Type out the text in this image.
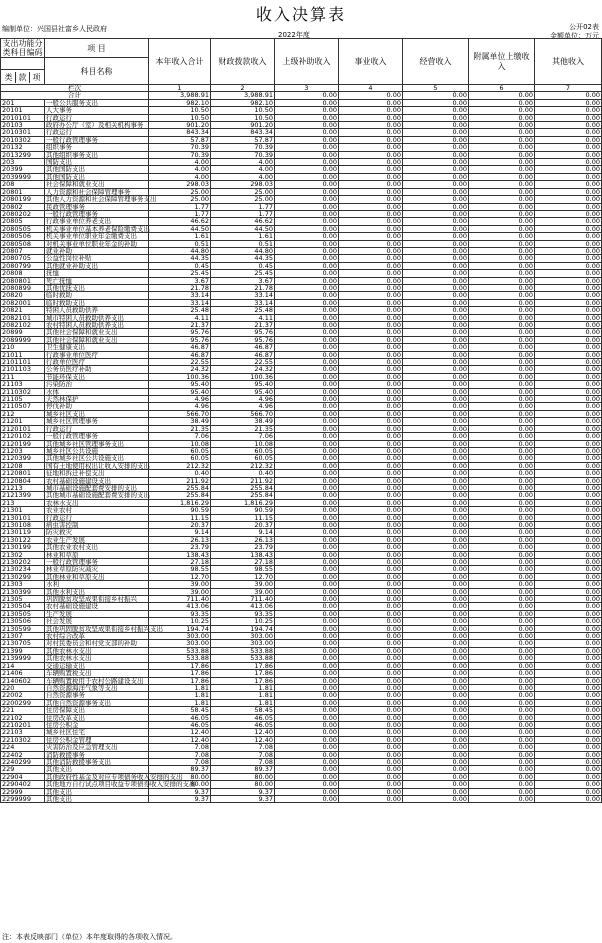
收入决算表
编制单位：兴国县社富乡人民政府
2022年度
公开02表
金额单位：万元
支出功能分类科目编码	项 目	本年收入合计	财政拨款收入	上级补助收入	事业收入	经营收入	附属单位上缴收入	其他收入
	科目名称							
类 款 项								
栏次		1	2	3	4	5	6	7
合计		3,988.91	3,988.91	0.00	0.00	0.00	0.00	0.00
201	一般公共服务支出	982.10	982.10	0.00	0.00	0.00	0.00	0.00
20101	人大事务	10.50	10.50	0.00	0.00	0.00	0.00	0.00
2010101	行政运行	10.50	10.50	0.00	0.00	0.00	0.00	0.00
20103	政府办公厅（室）及相关机构事务	901.20	901.20	0.00	0.00	0.00	0.00	0.00
2010301	行政运行	843.34	843.34	0.00	0.00	0.00	0.00	0.00
2010302	一般行政管理事务	57.87	57.87	0.00	0.00	0.00	0.00	0.00
20132	组织事务	70.39	70.39	0.00	0.00	0.00	0.00	0.00
2013299	其他组织事务支出	70.39	70.39	0.00	0.00	0.00	0.00	0.00
203	国防支出	4.00	4.00	0.00	0.00	0.00	0.00	0.00
20399	其他国防支出	4.00	4.00	0.00	0.00	0.00	0.00	0.00
2039999	其他国防支出	4.00	4.00	0.00	0.00	0.00	0.00	0.00
208	社会保障和就业支出	298.03	298.03	0.00	0.00	0.00	0.00	0.00
20801	人力资源和社会保障管理事务	25.00	25.00	0.00	0.00	0.00	0.00	0.00
2080199	其他人力资源和社会保障管理事务支出	25.00	25.00	0.00	0.00	0.00	0.00	0.00
20802	民政管理事务	1.77	1.77	0.00	0.00	0.00	0.00	0.00
2080202	一般行政管理事务	1.77	1.77	0.00	0.00	0.00	0.00	0.00
20805	行政事业单位养老支出	46.62	46.62	0.00	0.00	0.00	0.00	0.00
2080505	机关事业单位基本养老保险缴费支出	44.50	44.50	0.00	0.00	0.00	0.00	0.00
2080506	机关事业单位职业年金缴费支出	1.61	1.61	0.00	0.00	0.00	0.00	0.00
2080508	对机关事业单位职业年金的补助	0.51	0.51	0.00	0.00	0.00	0.00	0.00
20807	就业补助	44.80	44.80	0.00	0.00	0.00	0.00	0.00
2080705	公益性岗位补贴	44.35	44.35	0.00	0.00	0.00	0.00	0.00
2080799	其他就业补助支出	0.45	0.45	0.00	0.00	0.00	0.00	0.00
20808	抚恤	25.45	25.45	0.00	0.00	0.00	0.00	0.00
2080801	死亡抚恤	3.67	3.67	0.00	0.00	0.00	0.00	0.00
2080899	其他优抚支出	21.78	21.78	0.00	0.00	0.00	0.00	0.00
20820	临时救助	33.14	33.14	0.00	0.00	0.00	0.00	0.00
2082001	临时救助支出	33.14	33.14	0.00	0.00	0.00	0.00	0.00
20821	特困人员救助供养	25.48	25.48	0.00	0.00	0.00	0.00	0.00
2082101	城市特困人员救助供养支出	4.11	4.11	0.00	0.00	0.00	0.00	0.00
2082102	农村特困人员救助供养支出	21.37	21.37	0.00	0.00	0.00	0.00	0.00
20899	其他社会保障和就业支出	95.76	95.76	0.00	0.00	0.00	0.00	0.00
2089999	其他社会保障和就业支出	95.76	95.76	0.00	0.00	0.00	0.00	0.00
210	卫生健康支出	46.87	46.87	0.00	0.00	0.00	0.00	0.00
21011	行政事业单位医疗	46.87	46.87	0.00	0.00	0.00	0.00	0.00
2101101	行政单位医疗	22.55	22.55	0.00	0.00	0.00	0.00	0.00
2101103	公务员医疗补助	24.32	24.32	0.00	0.00	0.00	0.00	0.00
211	节能环保支出	100.36	100.36	0.00	0.00	0.00	0.00	0.00
21103	污染防治	95.40	95.40	0.00	0.00	0.00	0.00	0.00
2110302	水体	95.40	95.40	0.00	0.00	0.00	0.00	0.00
21105	天然林保护	4.96	4.96	0.00	0.00	0.00	0.00	0.00
2110507	停伐补助	4.96	4.96	0.00	0.00	0.00	0.00	0.00
212	城乡社区支出	566.70	566.70	0.00	0.00	0.00	0.00	0.00
21201	城乡社区管理事务	38.49	38.49	0.00	0.00	0.00	0.00	0.00
2120101	行政运行	21.35	21.35	0.00	0.00	0.00	0.00	0.00
2120102	一般行政管理事务	7.06	7.06	0.00	0.00	0.00	0.00	0.00
2120199	其他城乡社区管理事务支出	10.08	10.08	0.00	0.00	0.00	0.00	0.00
21203	城乡社区公共设施	60.05	60.05	0.00	0.00	0.00	0.00	0.00
2120399	其他城乡社区公共设施支出	60.05	60.05	0.00	0.00	0.00	0.00	0.00
21208	国有土地使用权出让收入安排的支出	212.32	212.32	0.00	0.00	0.00	0.00	0.00
2120801	征地和拆迁补偿支出	0.40	0.40	0.00	0.00	0.00	0.00	0.00
2120804	农村基础设施建设支出	211.92	211.92	0.00	0.00	0.00	0.00	0.00
21213	城市基础设施配套费安排的支出	255.84	255.84	0.00	0.00	0.00	0.00	0.00
2121399	其他城市基础设施配套费安排的支出	255.84	255.84	0.00	0.00	0.00	0.00	0.00
213	农林水支出	1,816.29	1,816.29	0.00	0.00	0.00	0.00	0.00
21301	农业农村	90.59	90.59	0.00	0.00	0.00	0.00	0.00
2130101	行政运行	11.15	11.15	0.00	0.00	0.00	0.00	0.00
2130108	病虫害控制	20.37	20.37	0.00	0.00	0.00	0.00	0.00
2130119	防灾救灾	9.14	9.14	0.00	0.00	0.00	0.00	0.00
2130122	农业生产发展	26.13	26.13	0.00	0.00	0.00	0.00	0.00
2130199	其他农业农村支出	23.79	23.79	0.00	0.00	0.00	0.00	0.00
21302	林业和草原	138.43	138.43	0.00	0.00	0.00	0.00	0.00
2130202	一般行政管理事务	27.18	27.18	0.00	0.00	0.00	0.00	0.00
2130234	林业草原防灾减灾	98.55	98.55	0.00	0.00	0.00	0.00	0.00
2130299	其他林业和草原支出	12.70	12.70	0.00	0.00	0.00	0.00	0.00
21303	水利	39.00	39.00	0.00	0.00	0.00	0.00	0.00
2130399	其他水利支出	39.00	39.00	0.00	0.00	0.00	0.00	0.00
21305	巩固脱贫攻坚成果衔接乡村振兴	711.40	711.40	0.00	0.00	0.00	0.00	0.00
2130504	农村基础设施建设	413.06	413.06	0.00	0.00	0.00	0.00	0.00
2130505	生产发展	93.35	93.35	0.00	0.00	0.00	0.00	0.00
2130506	社会发展	10.25	10.25	0.00	0.00	0.00	0.00	0.00
2130599	其他巩固脱贫攻坚成果衔接乡村振兴支出	194.74	194.74	0.00	0.00	0.00	0.00	0.00
21307	农村综合改革	303.00	303.00	0.00	0.00	0.00	0.00	0.00
2130705	对村民委员会和村党支部的补助	303.00	303.00	0.00	0.00	0.00	0.00	0.00
21399	其他农林水支出	533.88	533.88	0.00	0.00	0.00	0.00	0.00
2139999	其他农林水支出	533.88	533.88	0.00	0.00	0.00	0.00	0.00
214	交通运输支出	17.86	17.86	0.00	0.00	0.00	0.00	0.00
21406	车辆购置税支出	17.86	17.86	0.00	0.00	0.00	0.00	0.00
2140602	车辆购置税用于农村公路建设支出	17.86	17.86	0.00	0.00	0.00	0.00	0.00
220	自然资源海洋气象等支出	1.81	1.81	0.00	0.00	0.00	0.00	0.00
22002	自然资源事务	1.81	1.81	0.00	0.00	0.00	0.00	0.00
2200299	其他自然资源事务支出	1.81	1.81	0.00	0.00	0.00	0.00	0.00
221	住房保障支出	58.45	58.45	0.00	0.00	0.00	0.00	0.00
22102	住房改革支出	46.05	46.05	0.00	0.00	0.00	0.00	0.00
2210201	住房公积金	46.05	46.05	0.00	0.00	0.00	0.00	0.00
22103	城乡社区住宅	12.40	12.40	0.00	0.00	0.00	0.00	0.00
2210302	住房公积金管理	12.40	12.40	0.00	0.00	0.00	0.00	0.00
224	灾害防治及应急管理支出	7.08	7.08	0.00	0.00	0.00	0.00	0.00
22402	消防救援事务	7.08	7.08	0.00	0.00	0.00	0.00	0.00
2240299	其他消防救援事务支出	7.08	7.08	0.00	0.00	0.00	0.00	0.00
229	其他支出	89.37	89.37	0.00	0.00	0.00	0.00	0.00
22904	其他政府性基金及对应专项债务收入安排的支出	80.00	80.00	0.00	0.00	0.00	0.00	0.00
2290402	其他地方自行试点项目收益专项债券收入安排的支出	80.00	80.00	0.00	0.00	0.00	0.00	0.00
22999	其他支出	9.37	9.37	0.00	0.00	0.00	0.00	0.00
2299999	其他支出	9.37	9.37	0.00	0.00	0.00	0.00	0.00
注：本表反映部门（单位）本年度取得的各项收入情况。
